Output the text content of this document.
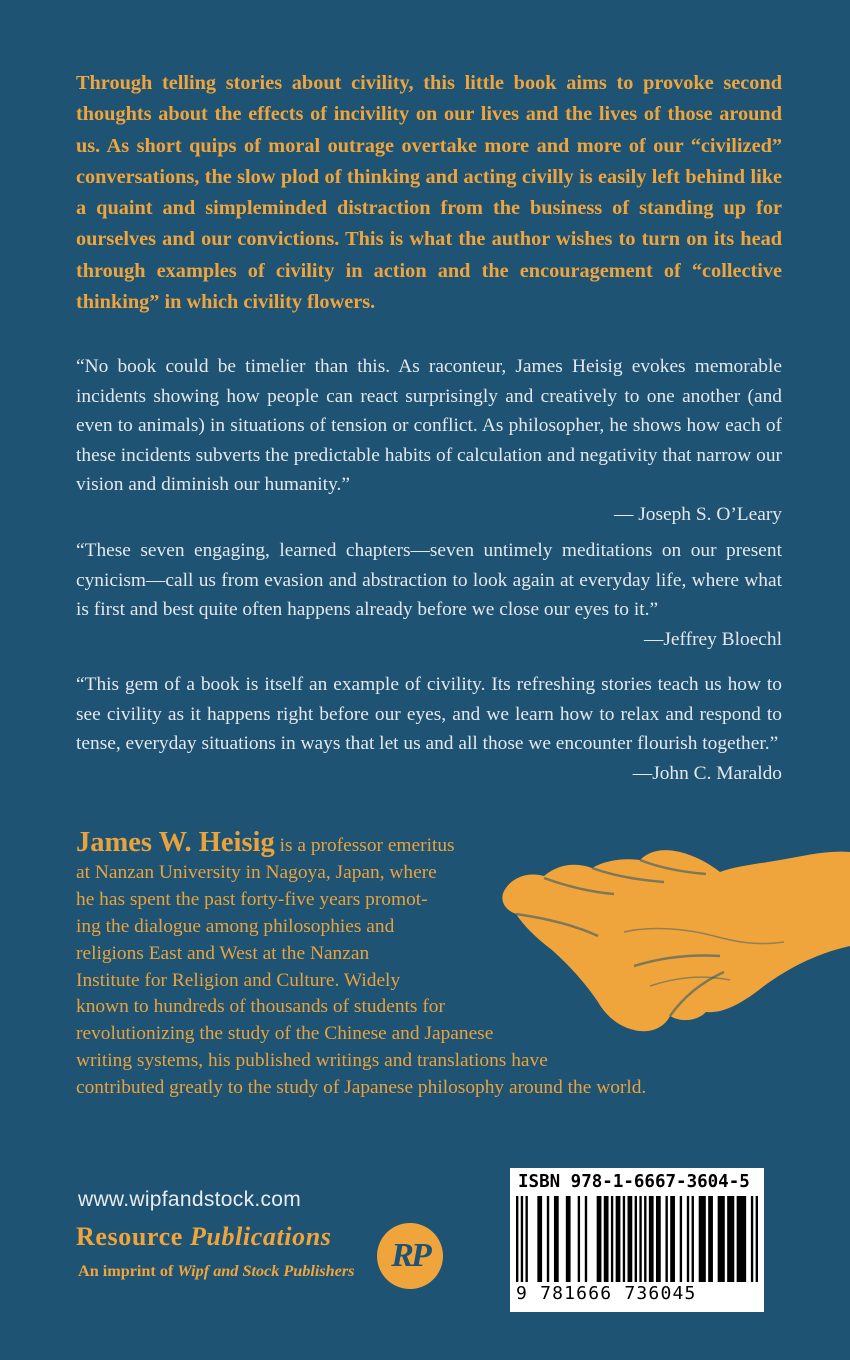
Through telling stories about civility, this little book aims to provoke second thoughts about the effects of incivility on our lives and the lives of those around us. As short quips of moral outrage overtake more and more of our “civilized” conversations, the slow plod of thinking and acting civilly is easily left behind like a quaint and simpleminded distraction from the business of standing up for ourselves and our convictions. This is what the author wishes to turn on its head through examples of civility in action and the encouragement of “collective thinking” in which civility flowers.

“No book could be timelier than this. As raconteur, James Heisig evokes memorable incidents showing how people can react surprisingly and creatively to one another (and even to animals) in situations of tension or conflict. As philosopher, he shows how each of these incidents subverts the predictable habits of calculation and negativity that narrow our vision and diminish our humanity.”

— Joseph S. O’Leary

“These seven engaging, learned chapters—seven untimely meditations on our present cynicism—call us from evasion and abstraction to look again at everyday life, where what is first and best quite often happens already before we close our eyes to it.”

—Jeffrey Bloechl

“This gem of a book is itself an example of civility. Its refreshing stories teach us how to see civility as it happens right before our eyes, and we learn how to relax and respond to tense, everyday situations in ways that let us and all those we encounter flourish together.”

—John C. Maraldo

James W. Heisig is a professor emeritus
at Nanzan University in Nagoya, Japan, where
he has spent the past forty-five years promot-
ing the dialogue among philosophies and
religions East and West at the Nanzan
Institute for Religion and Culture. Widely
known to hundreds of thousands of students for
revolutionizing the study of the Chinese and Japanese
writing systems, his published writings and translations have
contributed greatly to the study of Japanese philosophy around the world.

www.wipfandstock.com
Resource Publications
An imprint of Wipf and Stock Publishers	RP
ISBN 978-1-6667-3604-5
9 781666 736045
